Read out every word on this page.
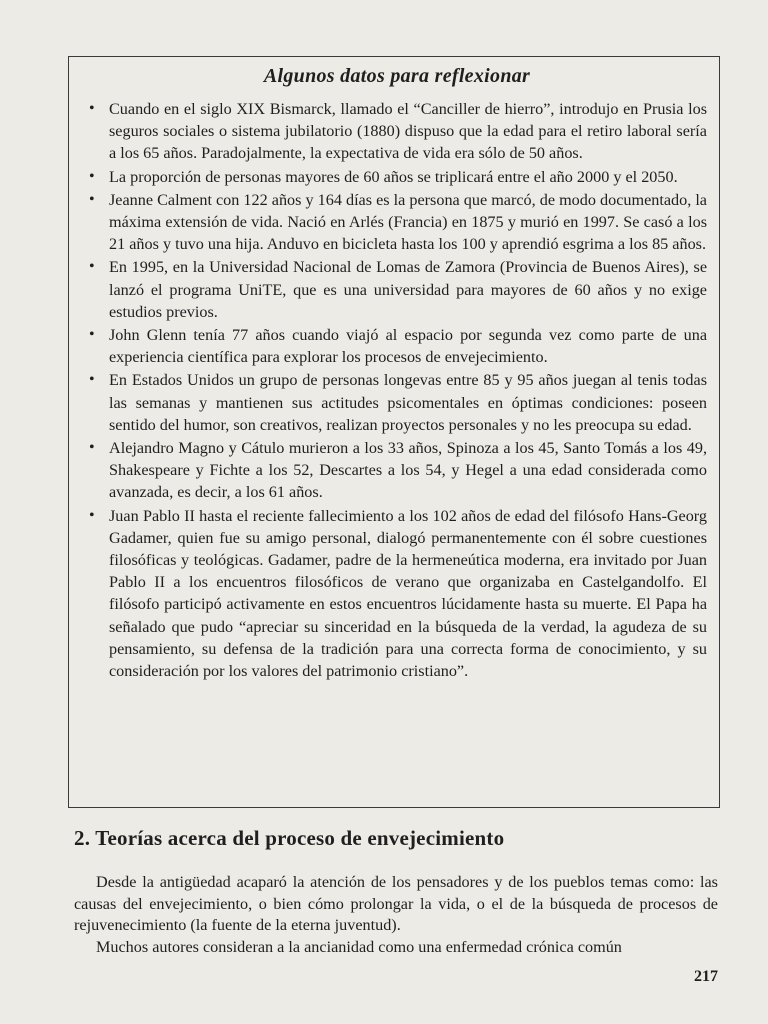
Algunos datos para reflexionar
• Cuando en el siglo XIX Bismarck, llamado el “Canciller de hierro”, introdujo en Prusia los seguros sociales o sistema jubilatorio (1880) dispuso que la edad para el retiro laboral sería a los 65 años. Paradojalmente, la expectativa de vida era sólo de 50 años.
• La proporción de personas mayores de 60 años se triplicará entre el año 2000 y el 2050.
• Jeanne Calment con 122 años y 164 días es la persona que marcó, de modo documentado, la máxima extensión de vida. Nació en Arlés (Francia) en 1875 y murió en 1997. Se casó a los 21 años y tuvo una hija. Anduvo en bicicleta hasta los 100 y aprendió esgrima a los 85 años.
• En 1995, en la Universidad Nacional de Lomas de Zamora (Provincia de Buenos Aires), se lanzó el programa UniTE, que es una universidad para mayores de 60 años y no exige estudios previos.
• John Glenn tenía 77 años cuando viajó al espacio por segunda vez como parte de una experiencia científica para explorar los procesos de envejecimiento.
• En Estados Unidos un grupo de personas longevas entre 85 y 95 años juegan al tenis todas las semanas y mantienen sus actitudes psicomentales en óptimas condiciones: poseen sentido del humor, son creativos, realizan proyectos personales y no les preocupa su edad.
• Alejandro Magno y Cátulo murieron a los 33 años, Spinoza a los 45, Santo Tomás a los 49, Shakespeare y Fichte a los 52, Descartes a los 54, y Hegel a una edad considerada como avanzada, es decir, a los 61 años.
• Juan Pablo II hasta el reciente fallecimiento a los 102 años de edad del filósofo Hans-Georg Gadamer, quien fue su amigo personal, dialogó permanentemente con él sobre cuestiones filosóficas y teológicas. Gadamer, padre de la hermeneútica moderna, era invitado por Juan Pablo II a los encuentros filosóficos de verano que organizaba en Castelgandolfo. El filósofo participó activamente en estos encuentros lúcidamente hasta su muerte. El Papa ha señalado que pudo “apreciar su sinceridad en la búsqueda de la verdad, la agudeza de su pensamiento, su defensa de la tradición para una correcta forma de conocimiento, y su consideración por los valores del patrimonio cristiano”.
2. Teorías acerca del proceso de envejecimiento

Desde la antigüedad acaparó la atención de los pensadores y de los pueblos temas como: las causas del envejecimiento, o bien cómo prolongar la vida, o el de la búsqueda de procesos de rejuvenecimiento (la fuente de la eterna juventud).

Muchos autores consideran a la ancianidad como una enfermedad crónica común

217
